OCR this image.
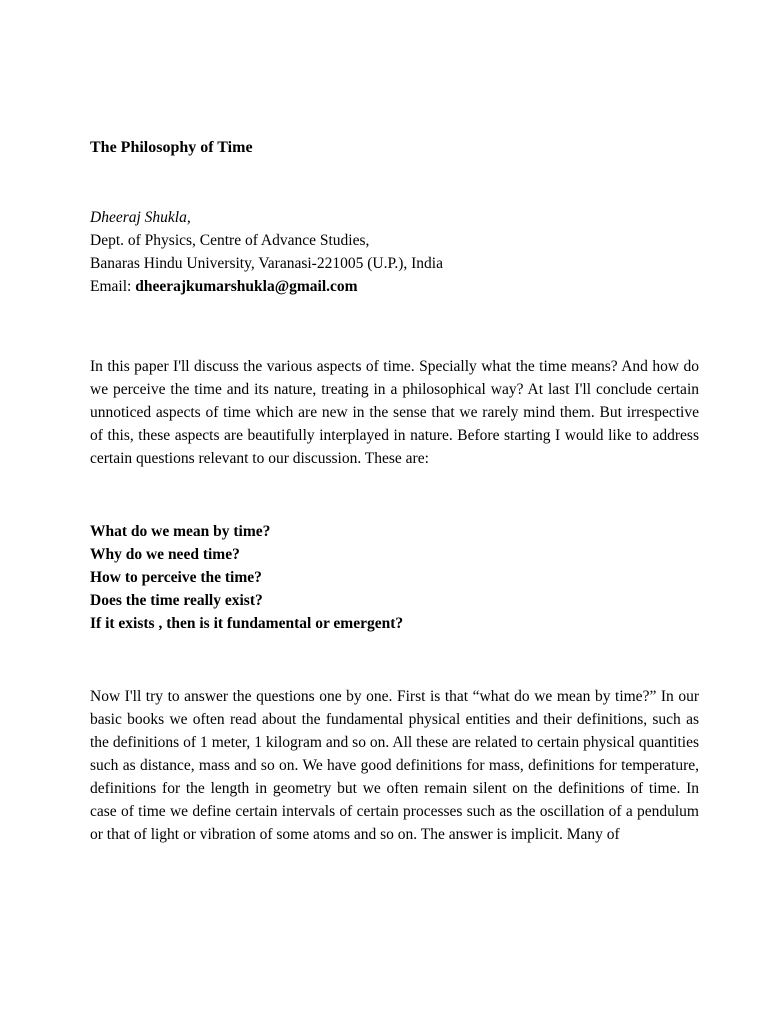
The Philosophy of Time
Dheeraj Shukla,
Dept. of Physics, Centre of Advance Studies,
Banaras Hindu University, Varanasi-221005 (U.P.), India
Email: dheerajkumarshukla@gmail.com

In this paper I'll discuss the various aspects of time. Specially what the time means? And how do we perceive the time and its nature, treating in a philosophical way? At last I'll conclude certain unnoticed aspects of time which are new in the sense that we rarely mind them. But irrespective of this, these aspects are beautifully interplayed in nature. Before starting I would like to address certain questions relevant to our discussion. These are:

What do we mean by time?
Why do we need time?
How to perceive the time?
Does the time really exist?
If it exists , then is it fundamental or emergent?

Now I'll try to answer the questions one by one. First is that “what do we mean by time?” In our basic books we often read about the fundamental physical entities and their definitions, such as the definitions of 1 meter, 1 kilogram and so on. All these are related to certain physical quantities such as distance, mass and so on. We have good definitions for mass, definitions for temperature, definitions for the length in geometry but we often remain silent on the definitions of time. In case of time we define certain intervals of certain processes such as the oscillation of a pendulum or that of light or vibration of some atoms and so on. The answer is implicit. Many of
